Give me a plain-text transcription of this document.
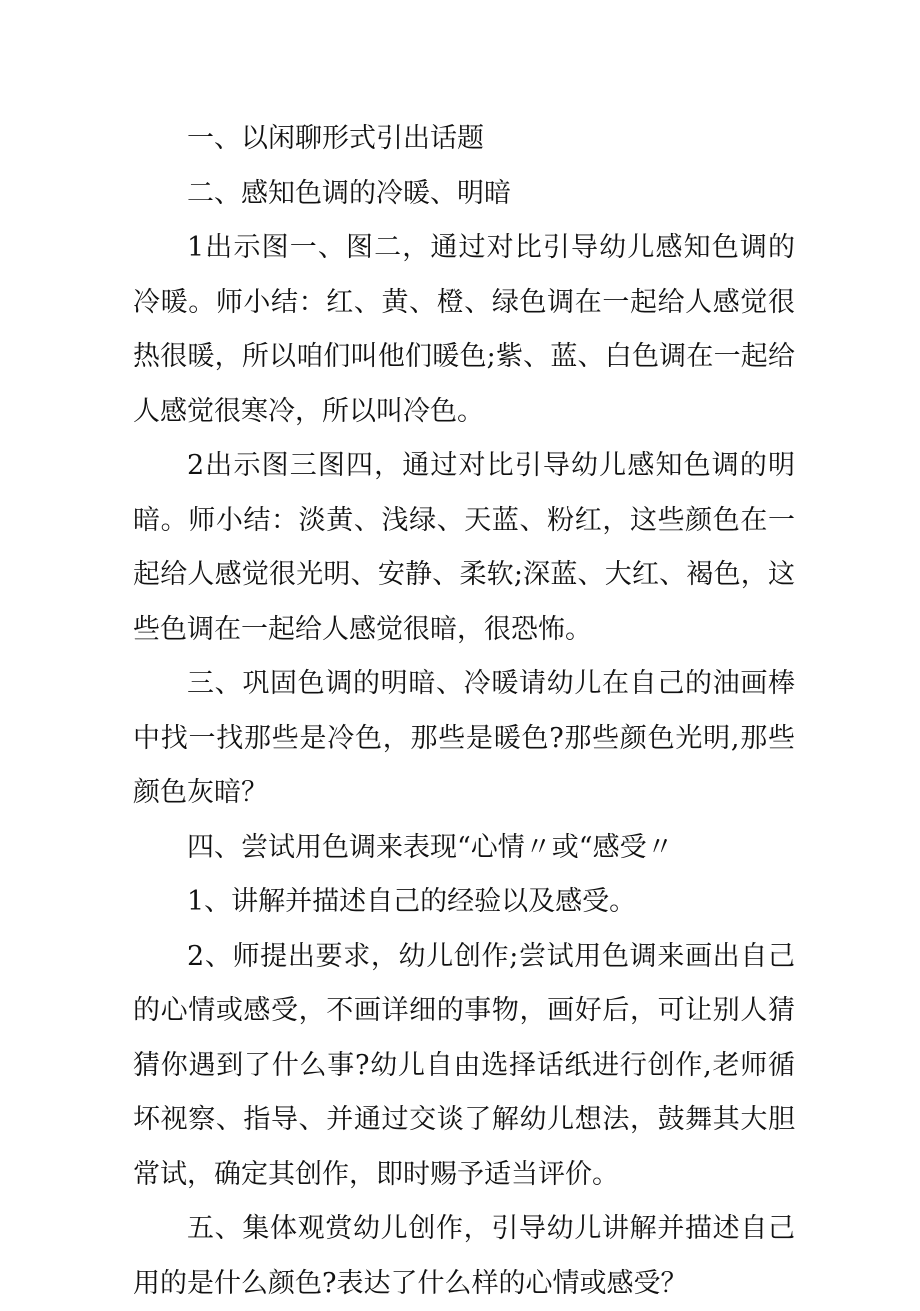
一、以闲聊形式引出话题

二、感知色调的冷暖、明暗

1出示图一、图二，通过对比引导幼儿感知色调的冷暖。师小结：红、黄、橙、绿色调在一起给人感觉很热很暖，所以咱们叫他们暖色;紫、蓝、白色调在一起给人感觉很寒冷，所以叫冷色。

2出示图三图四，通过对比引导幼儿感知色调的明暗。师小结：淡黄、浅绿、天蓝、粉红，这些颜色在一起给人感觉很光明、安静、柔软;深蓝、大红、褐色，这些色调在一起给人感觉很暗，很恐怖。

三、巩固色调的明暗、冷暖请幼儿在自己的油画棒中找一找那些是冷色，那些是暖色?那些颜色光明,那些颜色灰暗？

四、尝试用色调来表现“心情〃或“感受〃

1、讲解并描述自己的经验以及感受。

2、师提出要求，幼儿创作;尝试用色调来画出自己的心情或感受，不画详细的事物，画好后，可让别人猜猜你遇到了什么事?幼儿自由选择话纸进行创作,老师循坏视察、指导、并通过交谈了解幼儿想法，鼓舞其大胆常试，确定其创作，即时赐予适当评价。

五、集体观赏幼儿创作，引导幼儿讲解并描述自己用的是什么颜色?表达了什么样的心情或感受？
